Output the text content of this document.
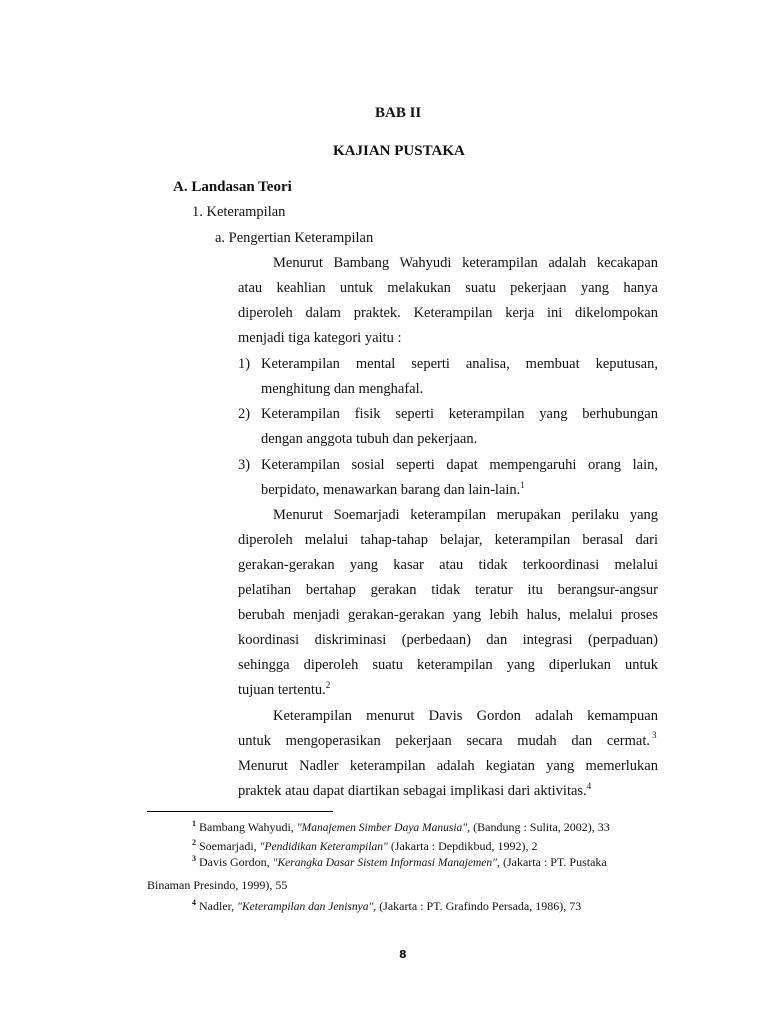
BAB II
KAJIAN PUSTAKA
A. Landasan Teori
1. Keterampilan
a. Pengertian Keterampilan
Menurut Bambang Wahyudi keterampilan adalah kecakapan
atau keahlian untuk melakukan suatu pekerjaan yang hanya
diperoleh dalam praktek. Keterampilan kerja ini dikelompokan
menjadi tiga kategori yaitu :
1) Keterampilan mental seperti analisa, membuat keputusan,
menghitung dan menghafal.
2) Keterampilan fisik seperti keterampilan yang berhubungan
dengan anggota tubuh dan pekerjaan.
3) Keterampilan sosial seperti dapat mempengaruhi orang lain,
berpidato, menawarkan barang dan lain-lain.$^1$
Menurut Soemarjadi keterampilan merupakan perilaku yang
diperoleh melalui tahap-tahap belajar, keterampilan berasal dari
gerakan-gerakan yang kasar atau tidak terkoordinasi melalui
pelatihan bertahap gerakan tidak teratur itu berangsur-angsur
berubah menjadi gerakan-gerakan yang lebih halus, melalui proses
koordinasi diskriminasi (perbedaan) dan integrasi (perpaduan)
sehingga diperoleh suatu keterampilan yang diperlukan untuk
tujuan tertentu.$^2$
Keterampilan menurut Davis Gordon adalah kemampuan
untuk mengoperasikan pekerjaan secara mudah dan cermat. 3
Menurut Nadler keterampilan adalah kegiatan yang memerlukan
praktek atau dapat diartikan sebagai implikasi dari aktivitas.$^4$
$^1$ Bambang Wahyudi, "Manajemen Simber Daya Manusia", (Bandung : Sulita, 2002), 33
$^2$ Soemarjadi, "Pendidikan Keterampilan" (Jakarta : Depdikbud, 1992), 2
$^3$ Davis Gordon, "Kerangka Dasar Sistem Informasi Manajemen", (Jakarta : PT. Pustaka
Binaman Presindo, 1999), 55
$^4$ Nadler, "Keterampilan dan Jenisnya", (Jakarta : PT. Grafindo Persada, 1986), 73
8
